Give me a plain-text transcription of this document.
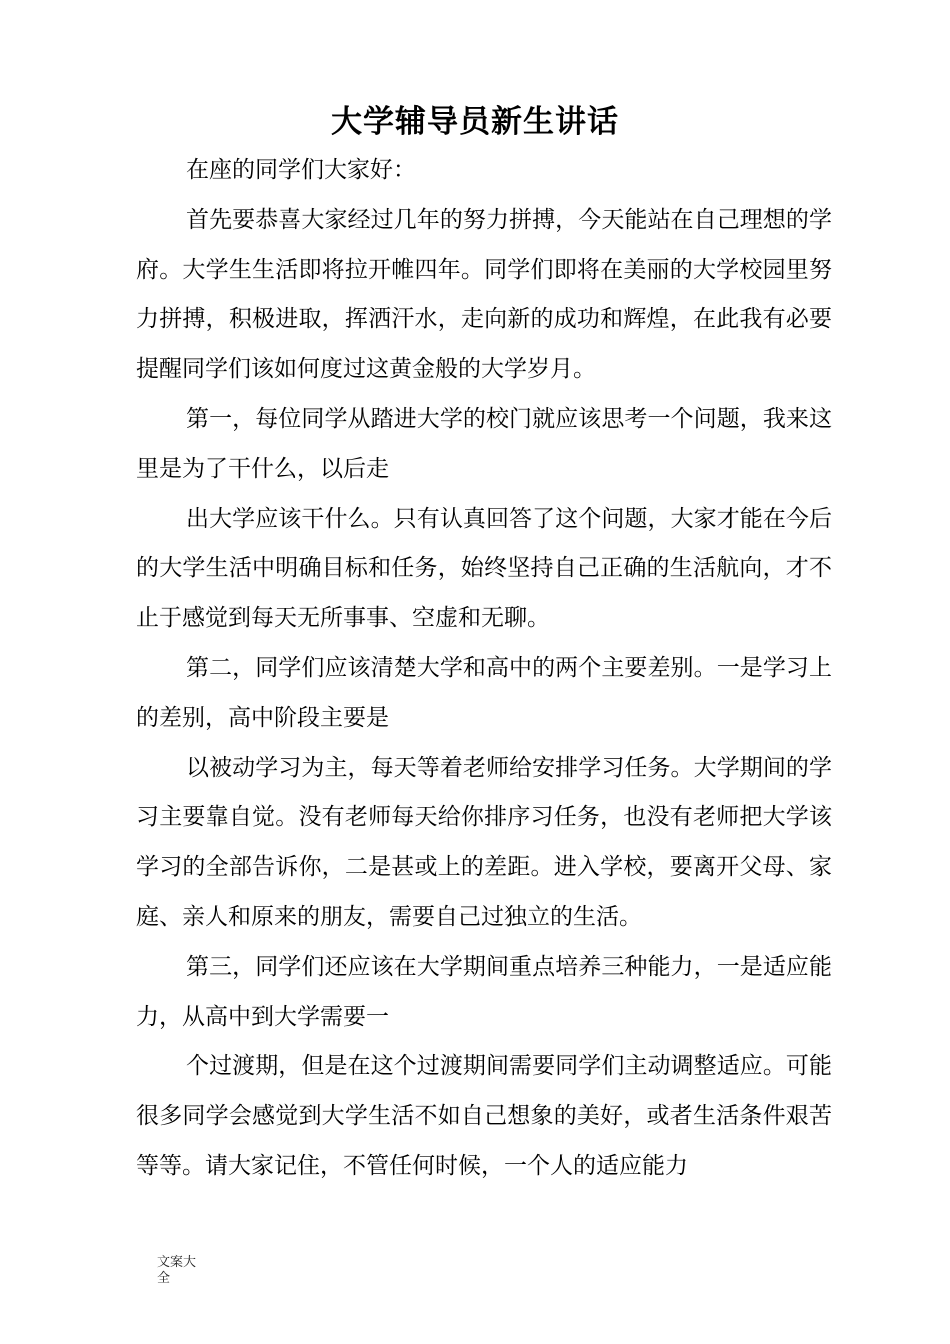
大学辅导员新生讲话

在座的同学们大家好：

首先要恭喜大家经过几年的努力拼搏，今天能站在自己理想的学府。大学生生活即将拉开帷四年。同学们即将在美丽的大学校园里努力拼搏，积极进取，挥洒汗水，走向新的成功和辉煌，在此我有必要提醒同学们该如何度过这黄金般的大学岁月。

第一，每位同学从踏进大学的校门就应该思考一个问题，我来这里是为了干什么，以后走

出大学应该干什么。只有认真回答了这个问题，大家才能在今后的大学生活中明确目标和任务，始终坚持自己正确的生活航向，才不止于感觉到每天无所事事、空虚和无聊。

第二，同学们应该清楚大学和高中的两个主要差别。一是学习上的差别，高中阶段主要是

以被动学习为主，每天等着老师给安排学习任务。大学期间的学习主要靠自觉。没有老师每天给你排序习任务，也没有老师把大学该学习的全部告诉你，二是甚或上的差距。进入学校，要离开父母、家庭、亲人和原来的朋友，需要自己过独立的生活。

第三，同学们还应该在大学期间重点培养三种能力，一是适应能力，从高中到大学需要一

个过渡期，但是在这个过渡期间需要同学们主动调整适应。可能很多同学会感觉到大学生活不如自己想象的美好，或者生活条件艰苦等等。请大家记住，不管任何时候，一个人的适应能力

文案大全
